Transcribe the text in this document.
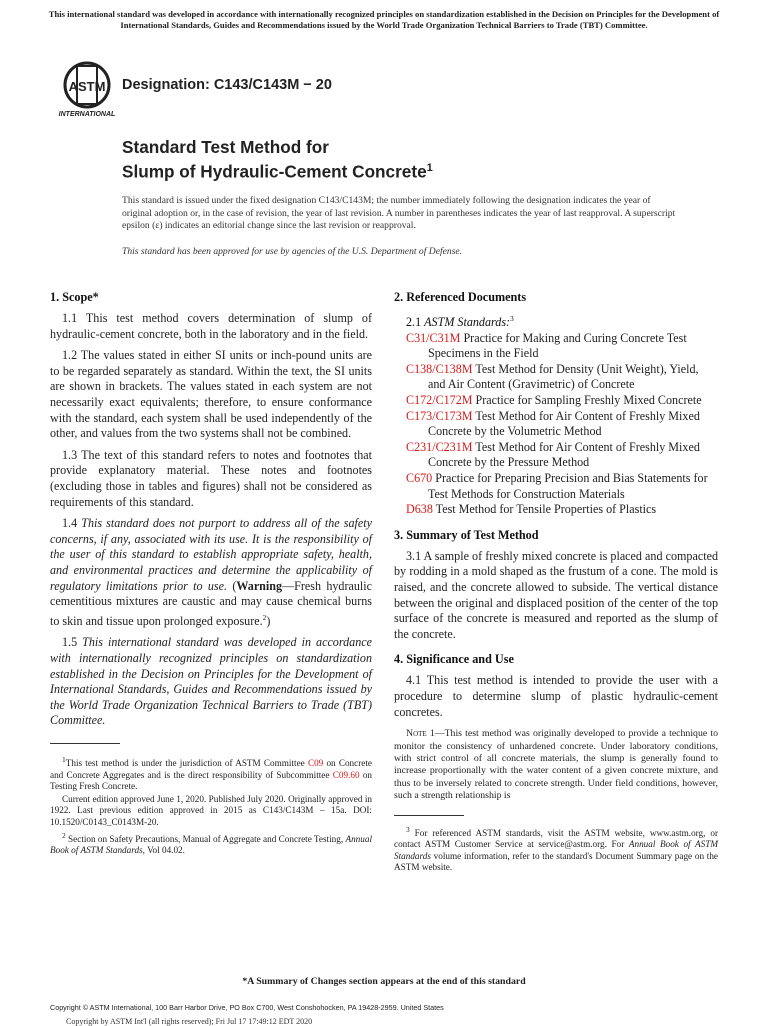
This international standard was developed in accordance with internationally recognized principles on standardization established in the Decision on Principles for the Development of International Standards, Guides and Recommendations issued by the World Trade Organization Technical Barriers to Trade (TBT) Committee.
ASTM
INTERNATIONAL
Designation: C143/C143M − 20
Standard Test Method for
Slump of Hydraulic-Cement Concrete$^1$
This standard is issued under the fixed designation C143/C143M; the number immediately following the designation indicates the year of original adoption or, in the case of revision, the year of last revision. A number in parentheses indicates the year of last reapproval. A superscript epsilon (ε) indicates an editorial change since the last revision or reapproval.
This standard has been approved for use by agencies of the U.S. Department of Defense.
1. Scope*

1.1 This test method covers determination of slump of hydraulic-cement concrete, both in the laboratory and in the field.

1.2 The values stated in either SI units or inch-pound units are to be regarded separately as standard. Within the text, the SI units are shown in brackets. The values stated in each system are not necessarily exact equivalents; therefore, to ensure conformance with the standard, each system shall be used independently of the other, and values from the two systems shall not be combined.

1.3 The text of this standard refers to notes and footnotes that provide explanatory material. These notes and footnotes (excluding those in tables and figures) shall not be considered as requirements of this standard.

1.4 This standard does not purport to address all of the safety concerns, if any, associated with its use. It is the responsibility of the user of this standard to establish appropriate safety, health, and environmental practices and determine the applicability of regulatory limitations prior to use. (Warning—Fresh hydraulic cementitious mixtures are caustic and may cause chemical burns to skin and tissue upon prolonged exposure.$^2$)

1.5 This international standard was developed in accordance with internationally recognized principles on standardization established in the Decision on Principles for the Development of International Standards, Guides and Recommendations issued by the World Trade Organization Technical Barriers to Trade (TBT) Committee.

$^1$This test method is under the jurisdiction of ASTM Committee C09 on Concrete and Concrete Aggregates and is the direct responsibility of Subcommittee C09.60 on Testing Fresh Concrete.

Current edition approved June 1, 2020. Published July 2020. Originally approved in 1922. Last previous edition approved in 2015 as C143/C143M – 15a. DOI: 10.1520/C0143_C0143M-20.

$^2$ Section on Safety Precautions, Manual of Aggregate and Concrete Testing, Annual Book of ASTM Standards, Vol 04.02.

2. Referenced Documents
2.1 ASTM Standards:$^3$
C31/C31M Practice for Making and Curing Concrete Test Specimens in the Field
C138/C138M Test Method for Density (Unit Weight), Yield, and Air Content (Gravimetric) of Concrete
C172/C172M Practice for Sampling Freshly Mixed Concrete
C173/C173M Test Method for Air Content of Freshly Mixed Concrete by the Volumetric Method
C231/C231M Test Method for Air Content of Freshly Mixed Concrete by the Pressure Method
C670 Practice for Preparing Precision and Bias Statements for Test Methods for Construction Materials
D638 Test Method for Tensile Properties of Plastics
3. Summary of Test Method

3.1 A sample of freshly mixed concrete is placed and compacted by rodding in a mold shaped as the frustum of a cone. The mold is raised, and the concrete allowed to subside. The vertical distance between the original and displaced position of the center of the top surface of the concrete is measured and reported as the slump of the concrete.

4. Significance and Use

4.1 This test method is intended to provide the user with a procedure to determine slump of plastic hydraulic-cement concretes.

Note 1—This test method was originally developed to provide a technique to monitor the consistency of unhardened concrete. Under laboratory conditions, with strict control of all concrete materials, the slump is generally found to increase proportionally with the water content of a given concrete mixture, and thus to be inversely related to concrete strength. Under field conditions, however, such a strength relationship is

$^3$ For referenced ASTM standards, visit the ASTM website, www.astm.org, or contact ASTM Customer Service at service@astm.org. For Annual Book of ASTM Standards volume information, refer to the standard's Document Summary page on the ASTM website.

*A Summary of Changes section appears at the end of this standard
Copyright © ASTM International, 100 Barr Harbor Drive, PO Box C700, West Conshohocken, PA 19428-2959. United States
Copyright by ASTM Int'l (all rights reserved); Fri Jul 17 17:49:12 EDT 2020
